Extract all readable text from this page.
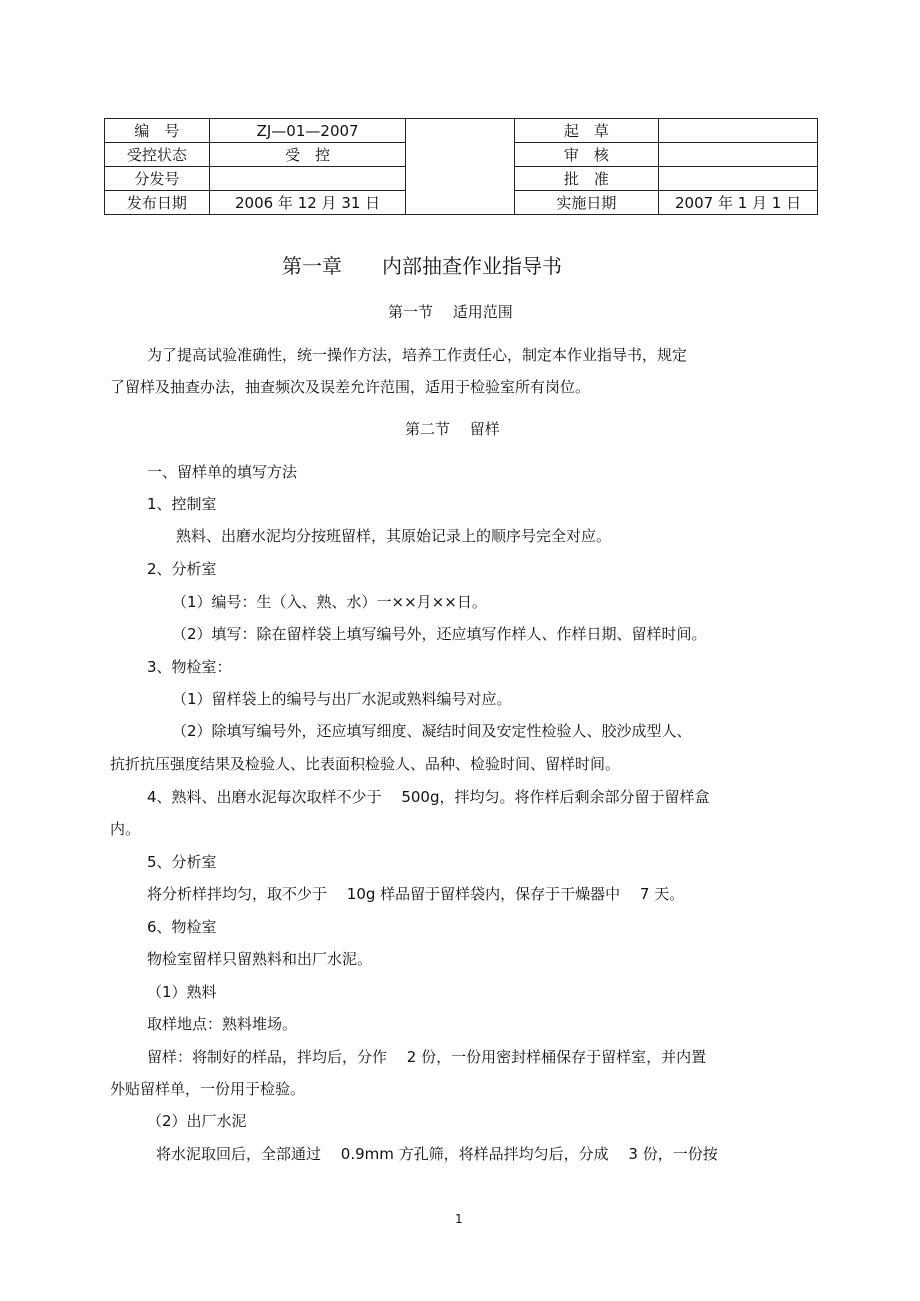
编　号	ZJ—01—2007		起　草	
受控状态	受　控		审　核	
分发号			批　准	
发布日期	2006 年 12 月 31 日		实施日期	2007 年 1 月 1 日
第一章　　内部抽查作业指导书
第一节　 适用范围
为了提高试验准确性，统一操作方法，培养工作责任心，制定本作业指导书，规定
了留样及抽查办法，抽查频次及误差允许范围，适用于检验室所有岗位。
第二节　 留样
一、留样单的填写方法
1、控制室
熟料、出磨水泥均分按班留样，其原始记录上的顺序号完全对应。
2、分析室
（1）编号：生（入、熟、水）一××月××日。
（2）填写：除在留样袋上填写编号外，还应填写作样人、作样日期、留样时间。
3、物检室：
（1）留样袋上的编号与出厂水泥或熟料编号对应。
（2）除填写编号外，还应填写细度、凝结时间及安定性检验人、胶沙成型人、
抗折抗压强度结果及检验人、比表面积检验人、品种、检验时间、留样时间。
4、熟料、出磨水泥每次取样不少于　 500g，拌均匀。将作样后剩余部分留于留样盒
内。
5、分析室
将分析样拌均匀，取不少于　 10g 样品留于留样袋内，保存于干燥器中　 7 天。
6、物检室
物检室留样只留熟料和出厂水泥。
（1）熟料
取样地点：熟料堆场。
留样：将制好的样品，拌均后，分作　 2 份，一份用密封样桶保存于留样室，并内置
外贴留样单，一份用于检验。
（2）出厂水泥
将水泥取回后，全部通过　 0.9mm 方孔筛，将样品拌均匀后，分成　 3 份，一份按
1
